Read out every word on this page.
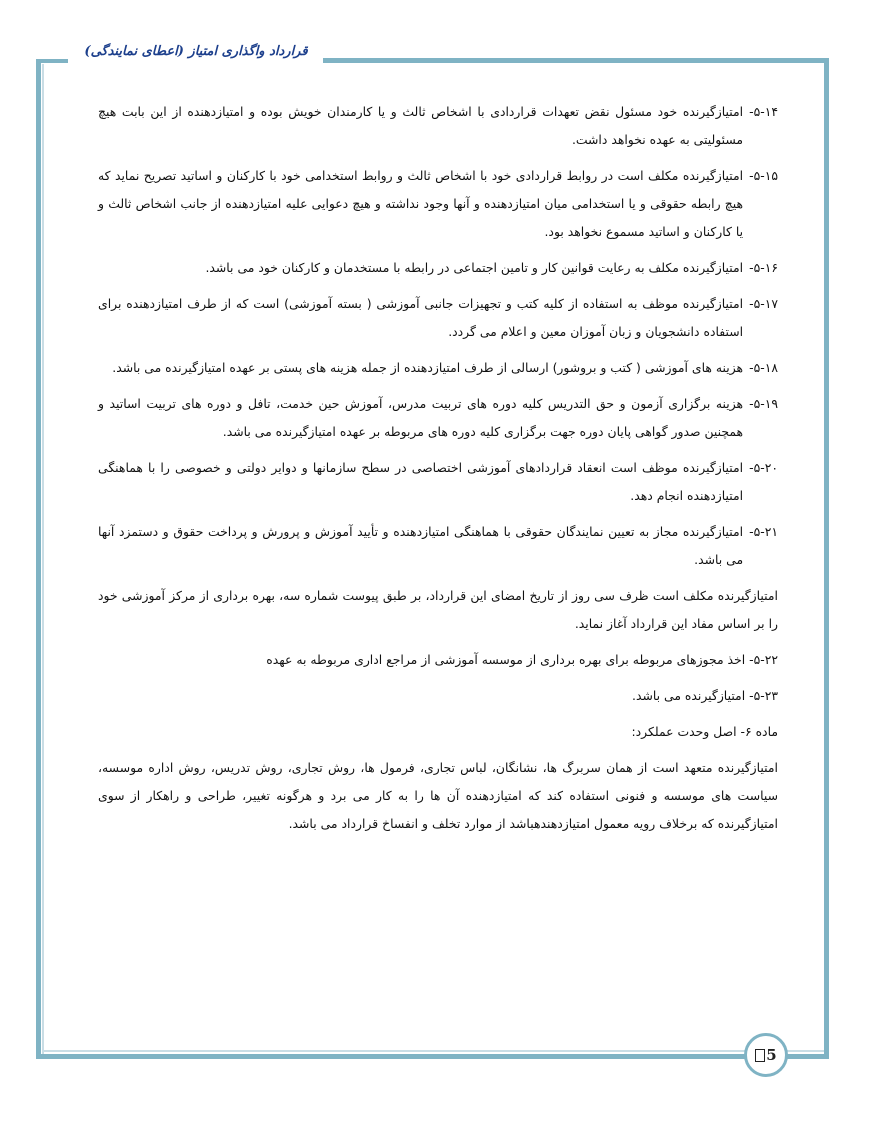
قرارداد واگذاری امتیاز (اعطای نمایندگی)
۵-۱۴-
امتیازگیرنده خود مسئول نقض تعهدات قراردادی با اشخاص ثالث و یا کارمندان خویش بوده و امتیازدهنده از این بابت هیچ مسئولیتی به عهده نخواهد داشت.
۵-۱۵-
امتیازگیرنده مکلف است در روابط قراردادی خود با اشخاص ثالث و روابط استخدامی خود با کارکنان و اساتید تصریح نماید که هیچ رابطه حقوقی و یا استخدامی میان امتیازدهنده و آنها وجود نداشته و هیچ دعوایی علیه امتیازدهنده از جانب اشخاص ثالث و یا کارکنان و اساتید مسموع نخواهد بود.
۵-۱۶-
امتیازگیرنده مکلف به رعایت قوانین کار و تامین اجتماعی در رابطه با مستخدمان و کارکنان خود می باشد.
۵-۱۷-
امتیازگیرنده موظف به استفاده از کلیه کتب و تجهیزات جانبی آموزشی ( بسته آموزشی) است که از طرف امتیازدهنده برای استفاده دانشجویان و زبان آموزان معین و اعلام می گردد.
۵-۱۸-
هزینه های آموزشی ( کتب و بروشور) ارسالی از طرف امتیازدهنده از جمله هزینه های پستی بر عهده امتیازگیرنده می باشد.
۵-۱۹-
هزینه برگزاری آزمون و حق التدریس کلیه دوره های تربیت مدرس، آموزش حین خدمت، تافل و دوره های تربیت اساتید و همچنین صدور گواهی پایان دوره جهت برگزاری کلیه دوره های مربوطه بر عهده امتیازگیرنده می باشد.
۵-۲۰-
امتیازگیرنده موظف است انعقاد قراردادهای آموزشی اختصاصی در سطح سازمانها و دوایر دولتی و خصوصی را با هماهنگی امتیازدهنده انجام دهد.
۵-۲۱-
امتیازگیرنده مجاز به تعیین نمایندگان حقوقی با هماهنگی امتیازدهنده و تأیید آموزش و پرورش و پرداخت حقوق و دستمزد آنها می باشد.
امتیازگیرنده مکلف است ظرف سی روز از تاریخ امضای این قرارداد، بر طبق پیوست شماره سه، بهره برداری از مرکز آموزشی خود را بر اساس مفاد این قرارداد آغاز نماید.
۵-۲۲- اخذ مجوزهای مربوطه برای بهره برداری از موسسه آموزشی از مراجع اداری مربوطه به عهده
۵-۲۳- امتیازگیرنده می باشد.
ماده ۶- اصل وحدت عملکرد:
امتیازگیرنده متعهد است از همان سربرگ ها، نشانگان، لباس تجاری، فرمول ها، روش تجاری، روش تدریس، روش اداره موسسه، سیاست های موسسه و فنونی استفاده کند که امتیازدهنده آن ها را به کار می برد و هرگونه تغییر، طراحی و راهکار از سوی امتیازگیرنده که برخلاف رویه معمول امتیازدهندهباشد از موارد تخلف و انفساخ قرارداد می باشد.
5
